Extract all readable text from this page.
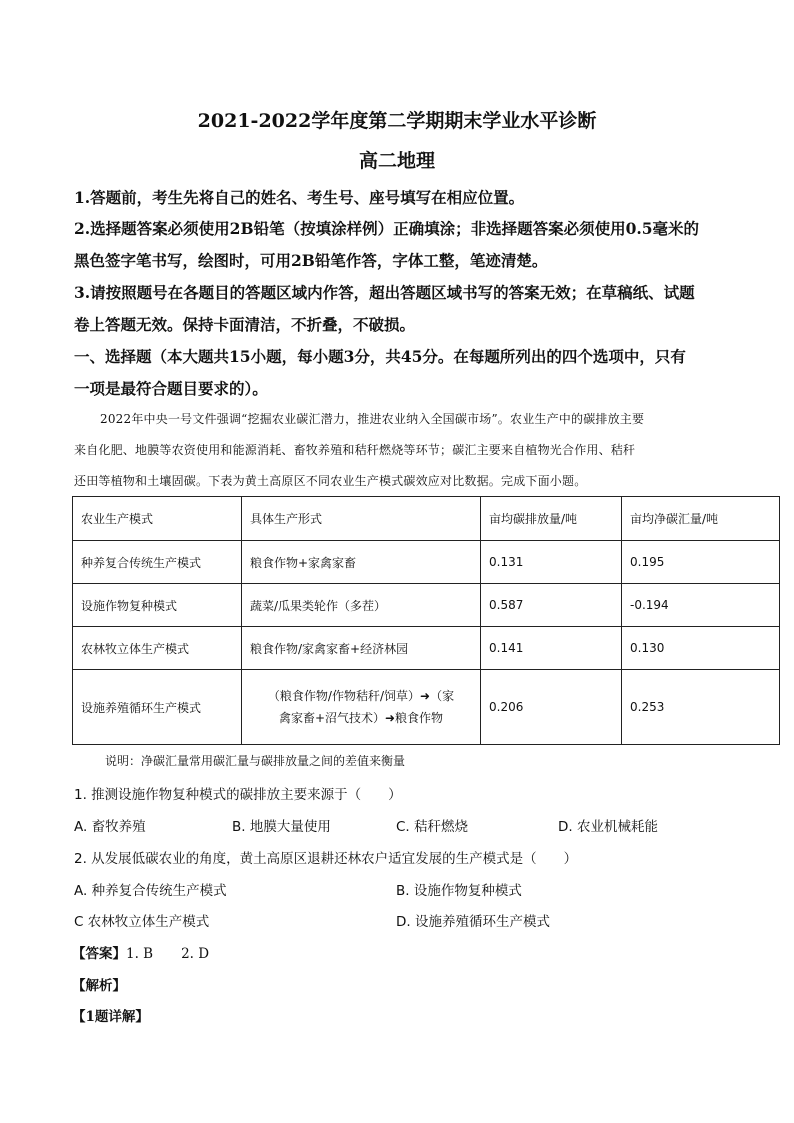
2021-2022学年度第二学期期末学业水平诊断
高二地理
1.答题前，考生先将自己的姓名、考生号、座号填写在相应位置。
2.选择题答案必须使用2B铅笔（按填涂样例）正确填涂；非选择题答案必须使用0.5毫米的
黑色签字笔书写，绘图时，可用2B铅笔作答，字体工整，笔迹清楚。
3.请按照题号在各题目的答题区域内作答，超出答题区域书写的答案无效；在草稿纸、试题
卷上答题无效。保持卡面清洁，不折叠，不破损。
一、选择题（本大题共15小题，每小题3分，共45分。在每题所列出的四个选项中，只有
一项是最符合题目要求的）。
2022年中央一号文件强调“挖掘农业碳汇潜力，推进农业纳入全国碳市场”。农业生产中的碳排放主要
来自化肥、地膜等农资使用和能源消耗、畜牧养殖和秸秆燃烧等环节；碳汇主要来自植物光合作用、秸秆
还田等植物和土壤固碳。下表为黄土高原区不同农业生产模式碳效应对比数据。完成下面小题。
农业生产模式	具体生产形式	亩均碳排放量/吨	亩均净碳汇量/吨
种养复合传统生产模式	粮食作物+家禽家畜	0.131	0.195
设施作物复种模式	蔬菜/瓜果类轮作（多茬）	0.587	-0.194
农林牧立体生产模式	粮食作物/家禽家畜+经济林园	0.141	0.130
设施养殖循环生产模式	（粮食作物/作物秸秆/饲草）➜（家
禽家畜+沼气技术）➜粮食作物	0.206	0.253
说明：净碳汇量常用碳汇量与碳排放量之间的差值来衡量
1. 推测设施作物复种模式的碳排放主要来源于（　　）
A. 畜牧养殖	B. 地膜大量使用	C. 秸秆燃烧	D. 农业机械耗能
2. 从发展低碳农业的角度，黄土高原区退耕还林农户适宜发展的生产模式是（　　）
A. 种养复合传统生产模式	B. 设施作物复种模式
C 农林牧立体生产模式	D. 设施养殖循环生产模式
【答案】1. B 2. D
【解析】
【1题详解】
